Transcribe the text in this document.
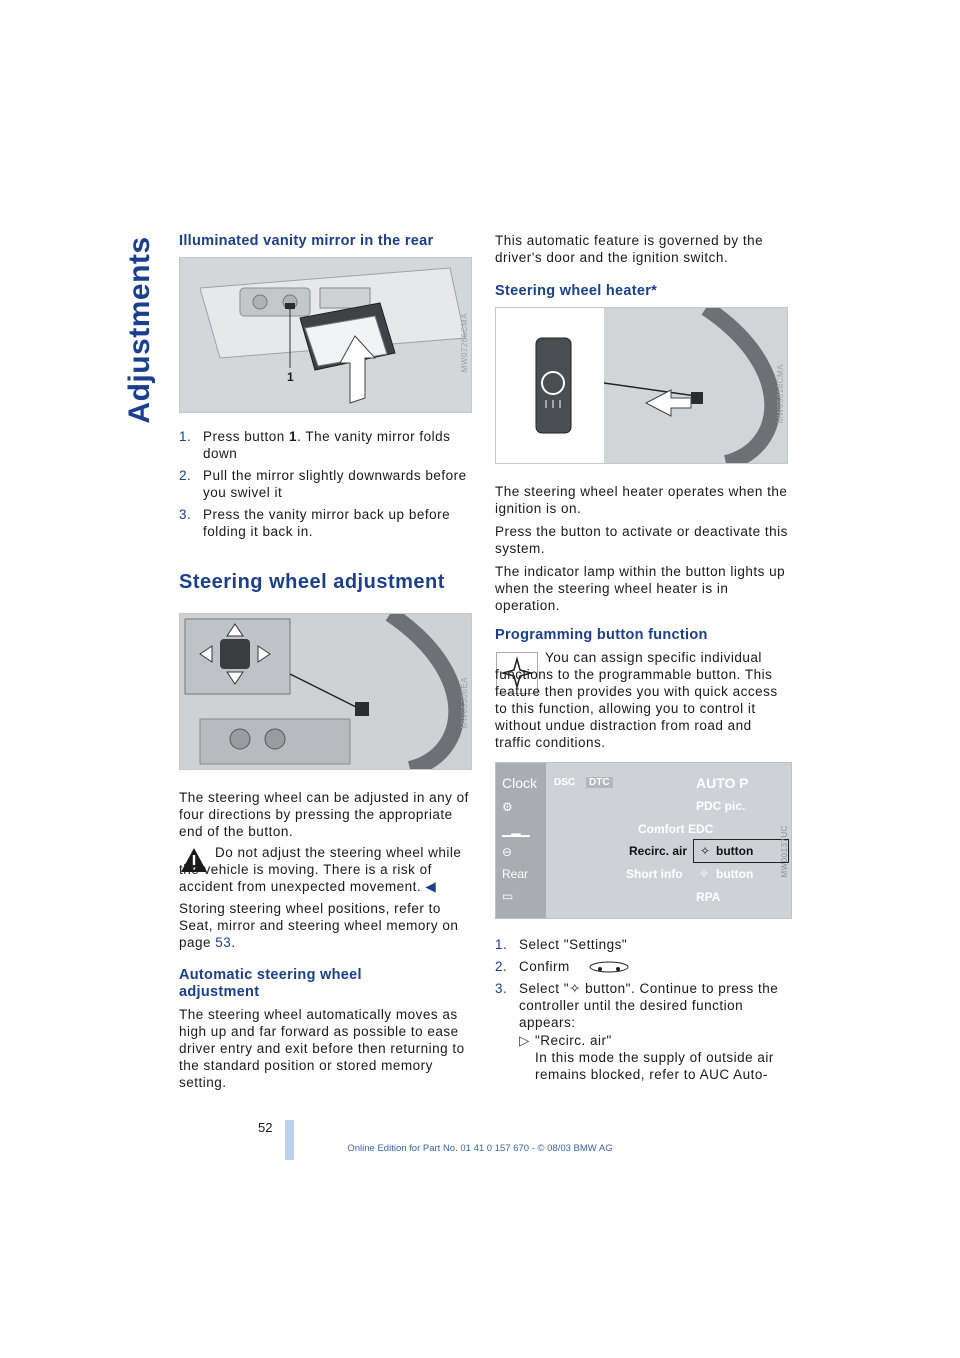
Adjustments Illuminated vanity mirror in the rear
1
MW07266CMA
1. Press button 1. The vanity mirror folds down
2. Pull the mirror slightly downwards before you swivel it
3. Press the vanity mirror back up before folding it back in.
Steering wheel adjustment
MW05306EA

The steering wheel can be adjusted in any of four directions by pressing the appropriate end of the button.

Do not adjust the steering wheel while the vehicle is moving. There is a risk of accident from unexpected movement. ◀

Storing steering wheel positions, refer to Seat, mirror and steering wheel memory on page 53.

Automatic steering wheel adjustment

The steering wheel automatically moves as high up and far forward as possible to ease driver entry and exit before then returning to the standard position or stored memory setting.

This automatic feature is governed by the driver's door and the ignition switch.

Steering wheel heater*
MW05018CMA

The steering wheel heater operates when the ignition is on.

Press the button to activate or deactivate this system.

The indicator lamp within the button lights up when the steering wheel heater is in operation.

Programming button function

You can assign specific individual functions to the programmable button. This feature then provides you with quick access to this function, allowing you to control it without undue distraction from road and traffic conditions.

Clock
⚙
▁▂▁
⊖
Rear
▭
DSC	DTC	AUTO P
PDC pic.
Comfort EDC
Recirc. air ✧ button
Short info ✧ button
RPA
MW00137UC
1. Select "Settings"
2. Confirm
3. Select "✧ button". Continue to press the controller until the desired function appears:
▷ "Recirc. air"

In this mode the supply of outside air remains blocked, refer to AUC Auto-

52
Online Edition for Part No. 01 41 0 157 670 - © 08/03 BMW AG
